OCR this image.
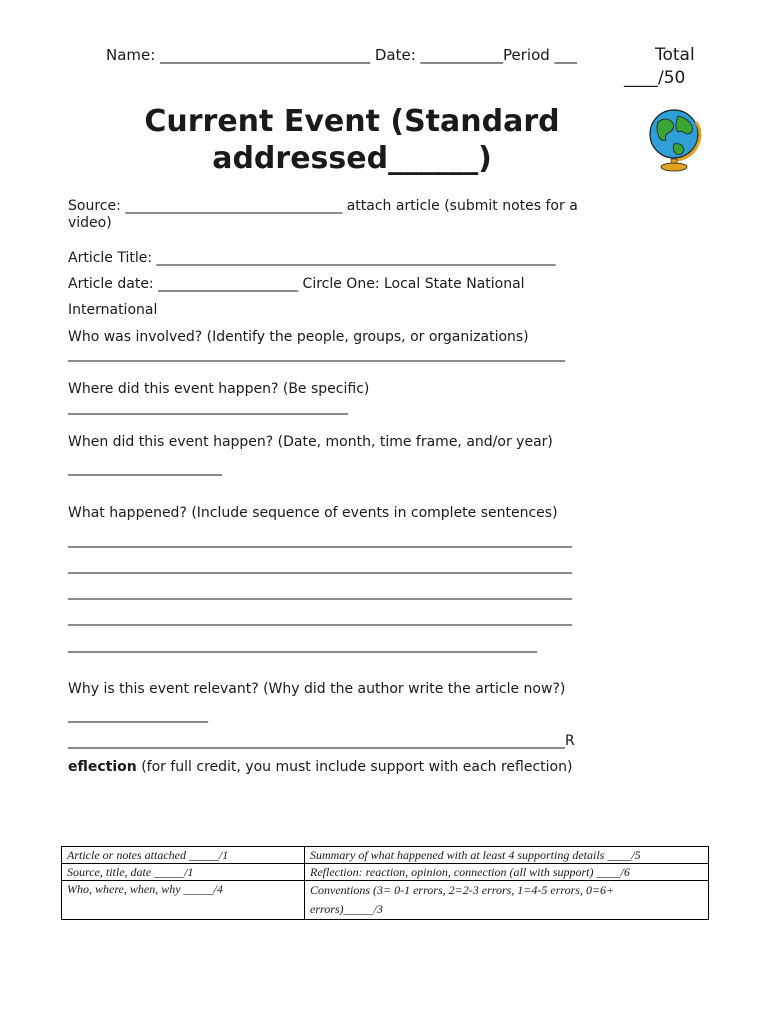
Name: ____________________________ Date: ___________Period ___	Total
____/50
Current Event (Standard
addressed______)
Source: _______________________________ attach article (submit notes for a
video)
Article Title: _________________________________________________________
Article date: ____________________ Circle One: Local State National
International
Who was involved? (Identify the people, groups, or organizations)
_______________________________________________________________________
Where did this event happen? (Be specific)
________________________________________
When did this event happen? (Date, month, time frame, and/or year)
______________________
What happened? (Include sequence of events in complete sentences)
________________________________________________________________________
________________________________________________________________________
________________________________________________________________________
________________________________________________________________________
___________________________________________________________________
Why is this event relevant? (Why did the author write the article now?)
____________________
_______________________________________________________________________R
eflection (for full credit, you must include support with each reflection)
Article or notes attached _____/1	Summary of what happened with at least 4 supporting details ____/5
Source, title, date _____/1	Reflection: reaction, opinion, connection (all with support) ____/6
Who, where, when, why _____/4	Conventions (3= 0-1 errors, 2=2-3 errors, 1=4-5 errors, 0=6+
errors)_____/3
